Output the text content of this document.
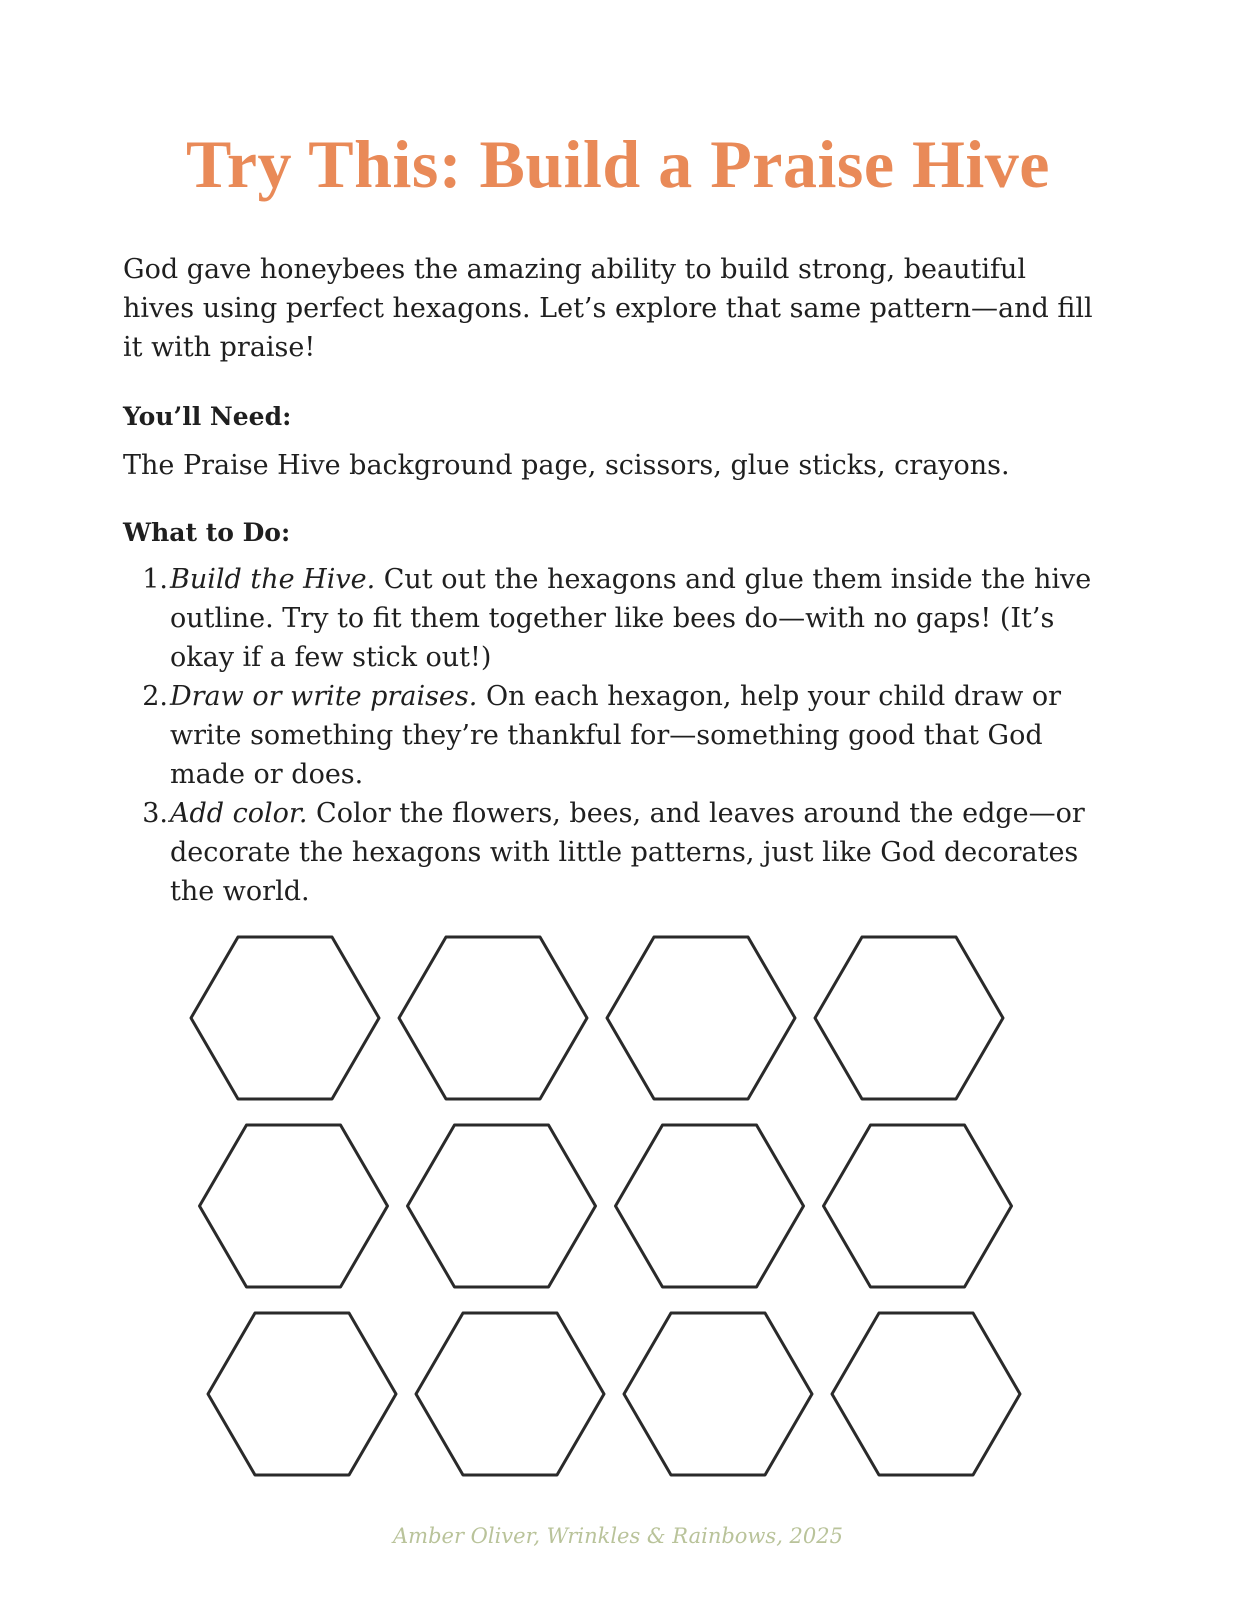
Try This: Build a Praise Hive

God gave honeybees the amazing ability to build strong, beautiful hives using perfect hexagons. Let’s explore that same pattern—and fill it with praise!

You’ll Need:

The Praise Hive background page, scissors, glue sticks, crayons.

What to Do:
1. Build the Hive. Cut out the hexagons and glue them inside the hive outline. Try to fit them together like bees do—with no gaps! (It’s okay if a few stick out!)
2. Draw or write praises. On each hexagon, help your child draw or write something they’re thankful for—something good that God made or does.
3. Add color. Color the flowers, bees, and leaves around the edge—or decorate the hexagons with little patterns, just like God decorates the world.

Amber Oliver, Wrinkles & Rainbows, 2025
